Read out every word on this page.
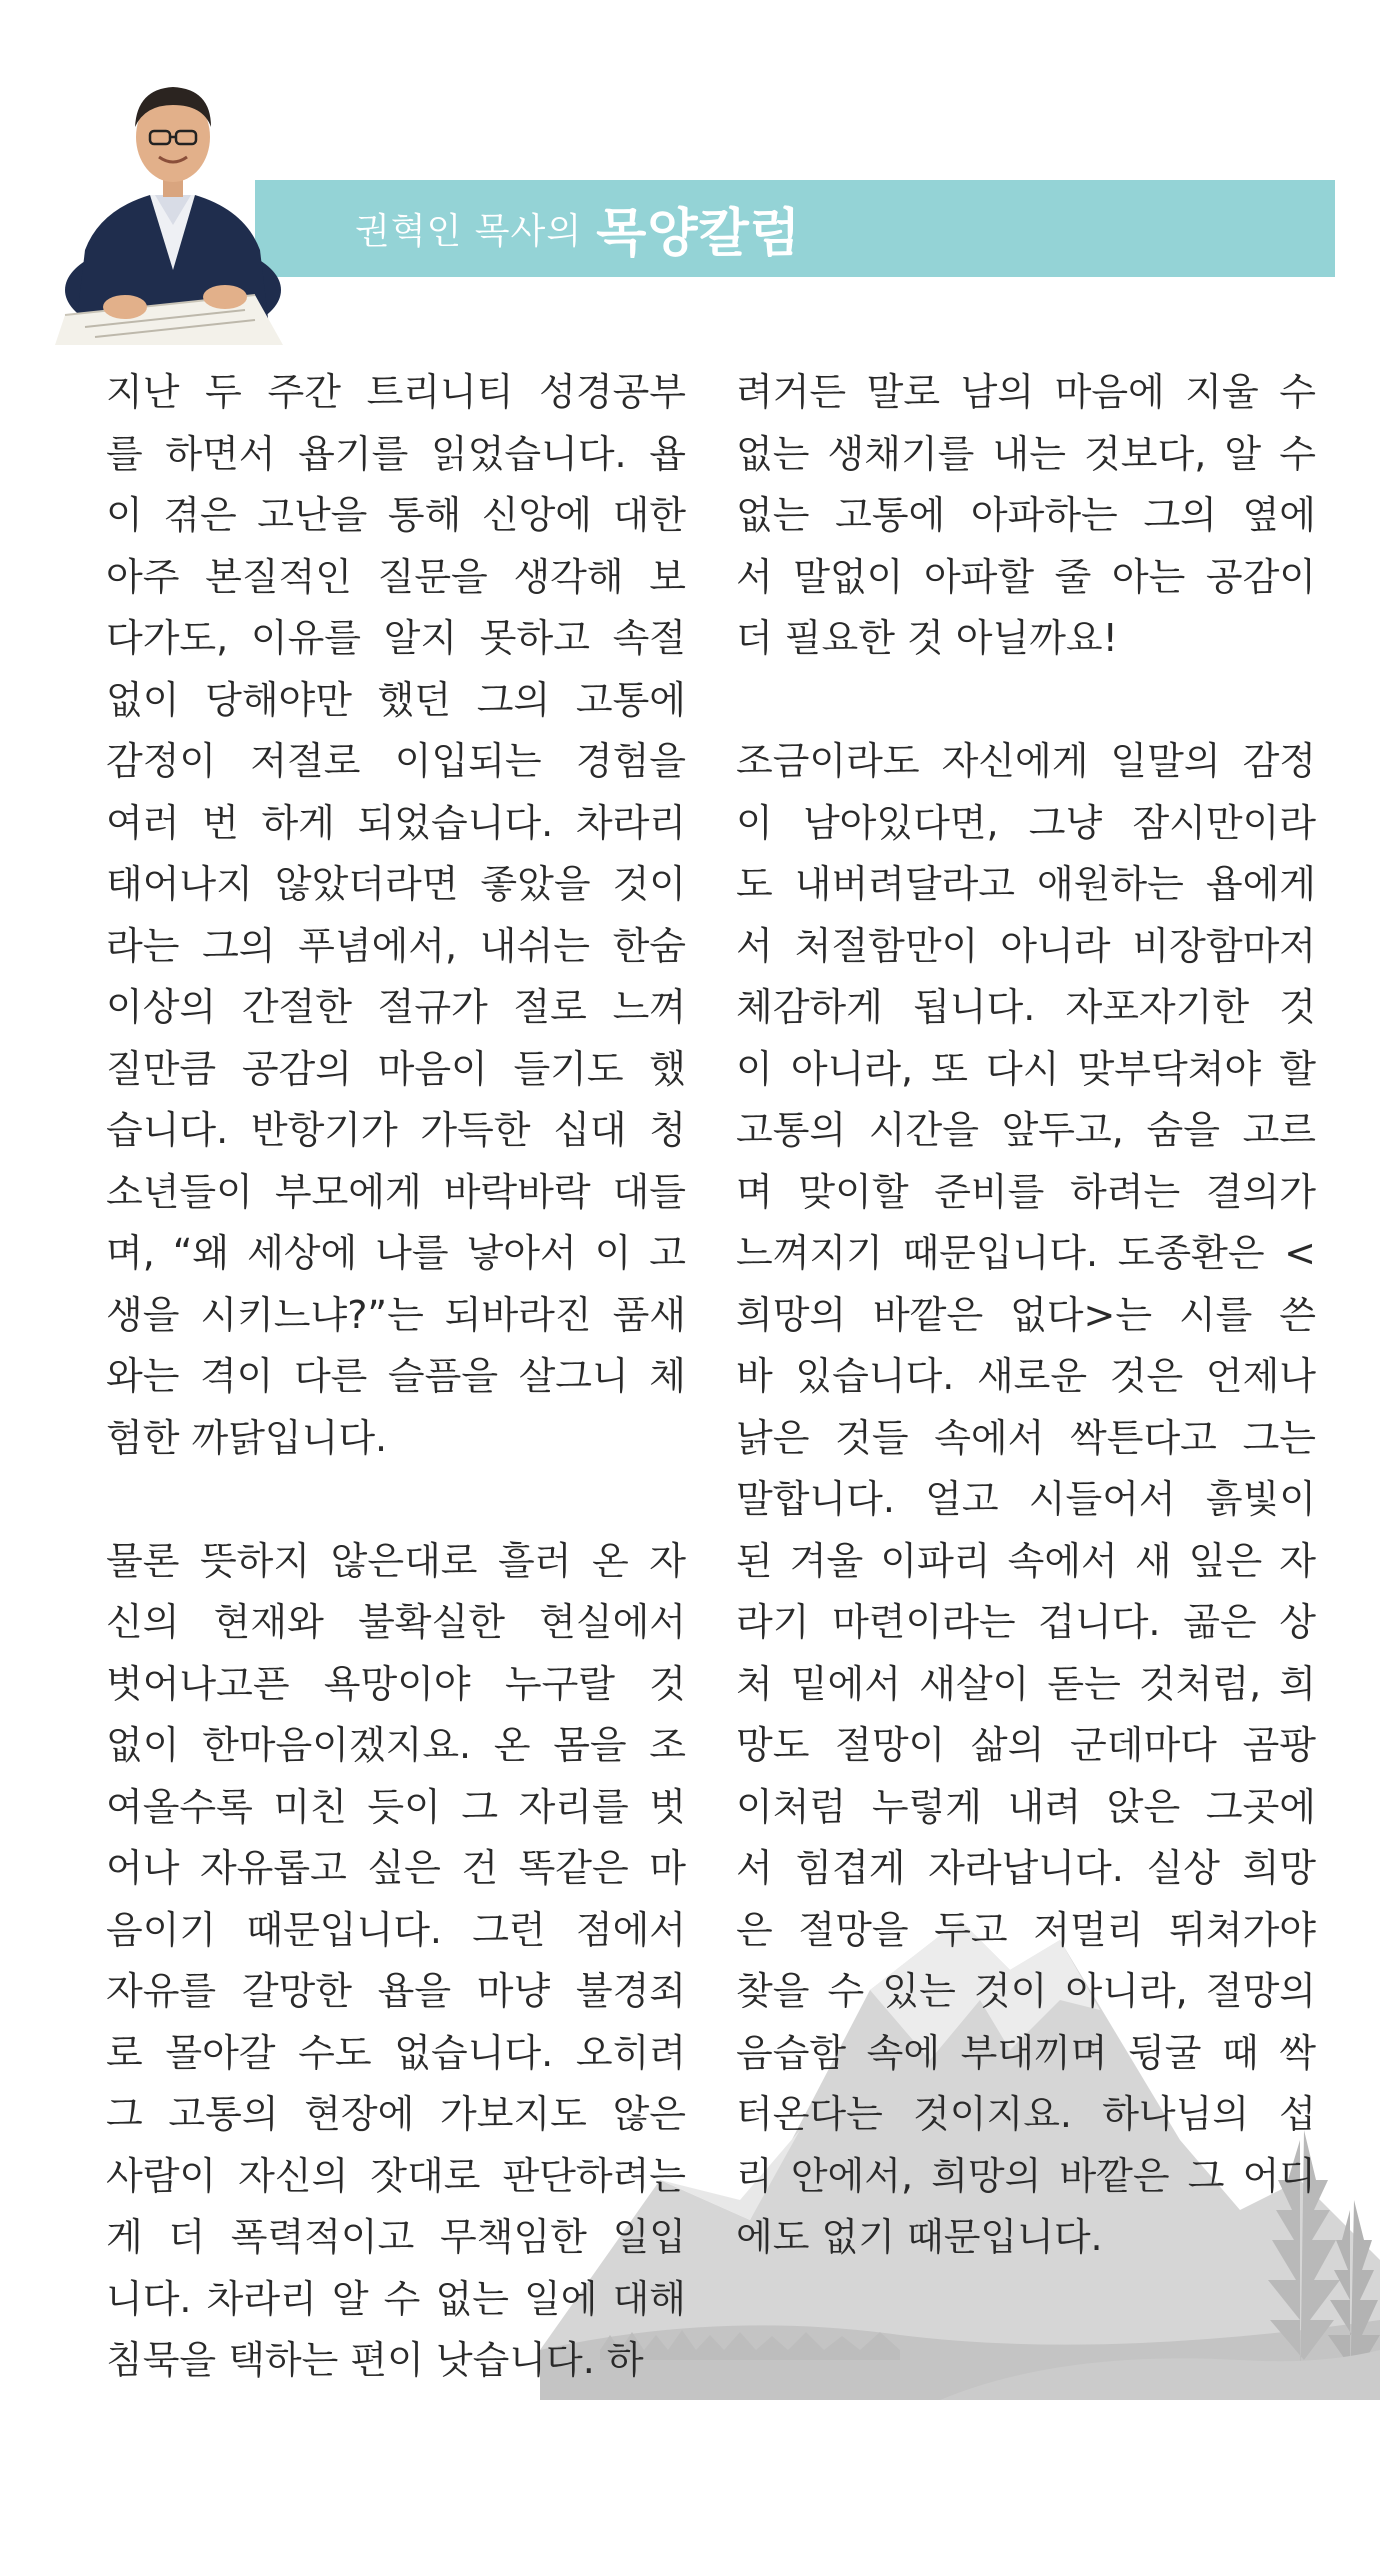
권혁인 목사의 목양칼럼
지난 두 주간 트리니티 성경공부
를 하면서 욥기를 읽었습니다. 욥
이 겪은 고난을 통해 신앙에 대한
아주 본질적인 질문을 생각해 보
다가도, 이유를 알지 못하고 속절
없이 당해야만 했던 그의 고통에
감정이 저절로 이입되는 경험을
여러 번 하게 되었습니다. 차라리
태어나지 않았더라면 좋았을 것이
라는 그의 푸념에서, 내쉬는 한숨
이상의 간절한 절규가 절로 느껴
질만큼 공감의 마음이 들기도 했
습니다. 반항기가 가득한 십대 청
소년들이 부모에게 바락바락 대들
며, “왜 세상에 나를 낳아서 이 고
생을 시키느냐?”는 되바라진 품새
와는 격이 다른 슬픔을 살그니 체
험한 까닭입니다.
물론 뜻하지 않은대로 흘러 온 자
신의 현재와 불확실한 현실에서
벗어나고픈 욕망이야 누구랄 것
없이 한마음이겠지요. 온 몸을 조
여올수록 미친 듯이 그 자리를 벗
어나 자유롭고 싶은 건 똑같은 마
음이기 때문입니다. 그런 점에서
자유를 갈망한 욥을 마냥 불경죄
로 몰아갈 수도 없습니다. 오히려
그 고통의 현장에 가보지도 않은
사람이 자신의 잣대로 판단하려는
게 더 폭력적이고 무책임한 일입
니다. 차라리 알 수 없는 일에 대해
침묵을 택하는 편이 낫습니다. 하
려거든 말로 남의 마음에 지울 수
없는 생채기를 내는 것보다, 알 수
없는 고통에 아파하는 그의 옆에
서 말없이 아파할 줄 아는 공감이
더 필요한 것 아닐까요!
조금이라도 자신에게 일말의 감정
이 남아있다면, 그냥 잠시만이라
도 내버려달라고 애원하는 욥에게
서 처절함만이 아니라 비장함마저
체감하게 됩니다. 자포자기한 것
이 아니라, 또 다시 맞부닥쳐야 할
고통의 시간을 앞두고, 숨을 고르
며 맞이할 준비를 하려는 결의가
느껴지기 때문입니다. 도종환은 <
희망의 바깥은 없다>는 시를 쓴
바 있습니다. 새로운 것은 언제나
낡은 것들 속에서 싹튼다고 그는
말합니다. 얼고 시들어서 흙빛이
된 겨울 이파리 속에서 새 잎은 자
라기 마련이라는 겁니다. 곪은 상
처 밑에서 새살이 돋는 것처럼, 희
망도 절망이 삶의 군데마다 곰팡
이처럼 누렇게 내려 앉은 그곳에
서 힘겹게 자라납니다. 실상 희망
은 절망을 두고 저멀리 뛰쳐가야
찾을 수 있는 것이 아니라, 절망의
음습함 속에 부대끼며 뒹굴 때 싹
터온다는 것이지요. 하나님의 섭
리 안에서, 희망의 바깥은 그 어디
에도 없기 때문입니다.
